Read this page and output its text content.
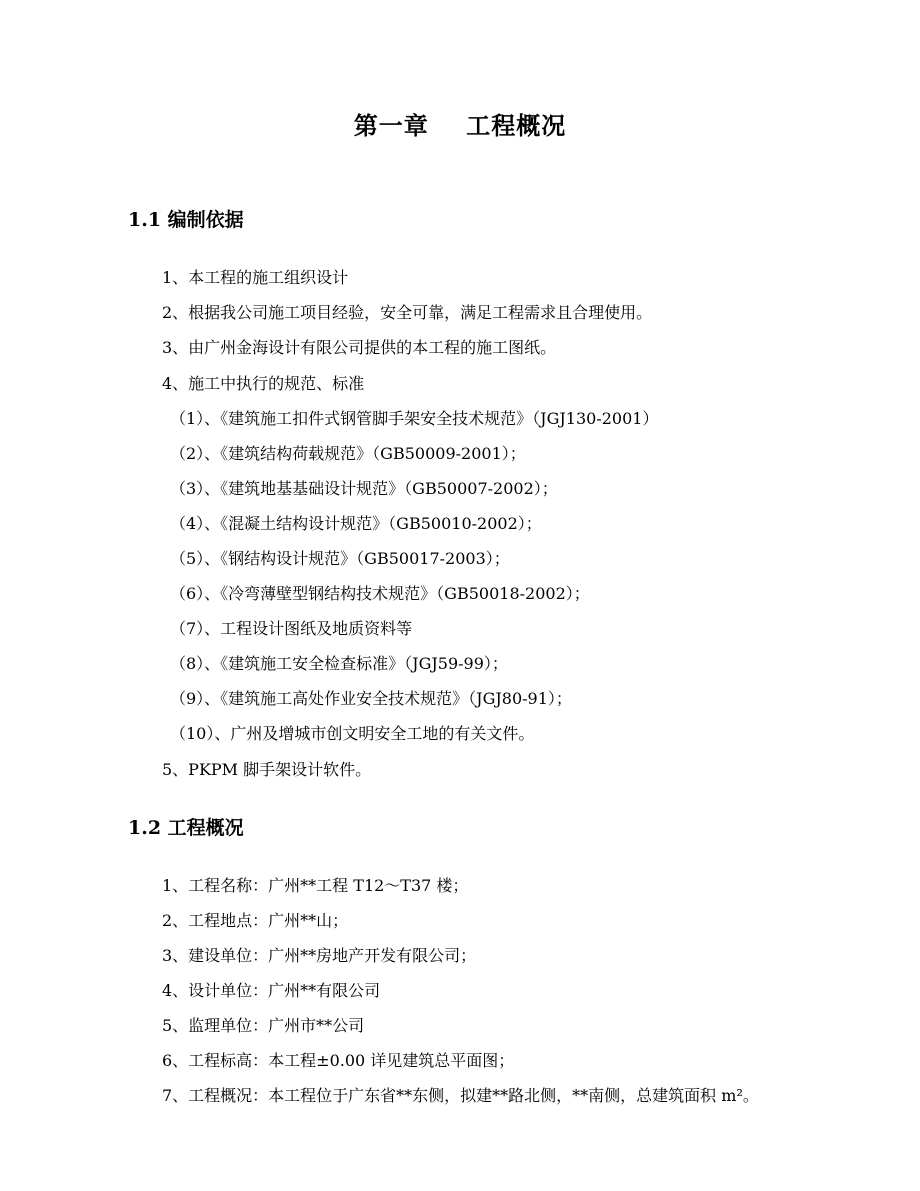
第一章    工程概况
1.1 编制依据
1、本工程的施工组织设计
2、根据我公司施工项目经验，安全可靠，满足工程需求且合理使用。
3、由广州金海设计有限公司提供的本工程的施工图纸。
4、施工中执行的规范、标准
（1）、《建筑施工扣件式钢管脚手架安全技术规范》（JGJ130-2001）
（2）、《建筑结构荷载规范》（GB50009-2001）；
（3）、《建筑地基基础设计规范》（GB50007-2002）；
（4）、《混凝土结构设计规范》（GB50010-2002）；
（5）、《钢结构设计规范》（GB50017-2003）；
（6）、《冷弯薄壁型钢结构技术规范》（GB50018-2002）；
（7）、工程设计图纸及地质资料等
（8）、《建筑施工安全检查标准》（JGJ59-99）；
（9）、《建筑施工高处作业安全技术规范》（JGJ80-91）；
（10）、广州及增城市创文明安全工地的有关文件。
5、PKPM 脚手架设计软件。
1.2 工程概况
1、工程名称：广州**工程 T12～T37 楼；
2、工程地点：广州**山；
3、建设单位：广州**房地产开发有限公司；
4、设计单位：广州**有限公司
5、监理单位：广州市**公司
6、工程标高：本工程±0.00 详见建筑总平面图；
7、工程概况：本工程位于广东省**东侧，拟建**路北侧，**南侧，总建筑面积 m²。
